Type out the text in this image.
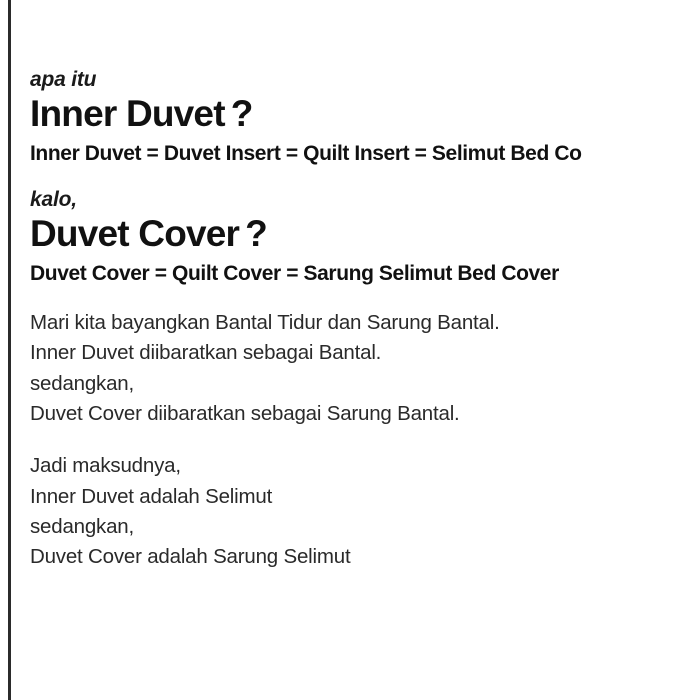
apa itu
Inner Duvet ?
Inner Duvet = Duvet Insert = Quilt Insert = Selimut Bed Co
kalo,
Duvet Cover ?
Duvet Cover = Quilt Cover = Sarung Selimut Bed Cover

Mari kita bayangkan Bantal Tidur dan Sarung Bantal.

Inner Duvet diibaratkan sebagai Bantal.

sedangkan,

Duvet Cover diibaratkan sebagai Sarung Bantal.

Jadi maksudnya,

Inner Duvet adalah Selimut

sedangkan,

Duvet Cover adalah Sarung Selimut
